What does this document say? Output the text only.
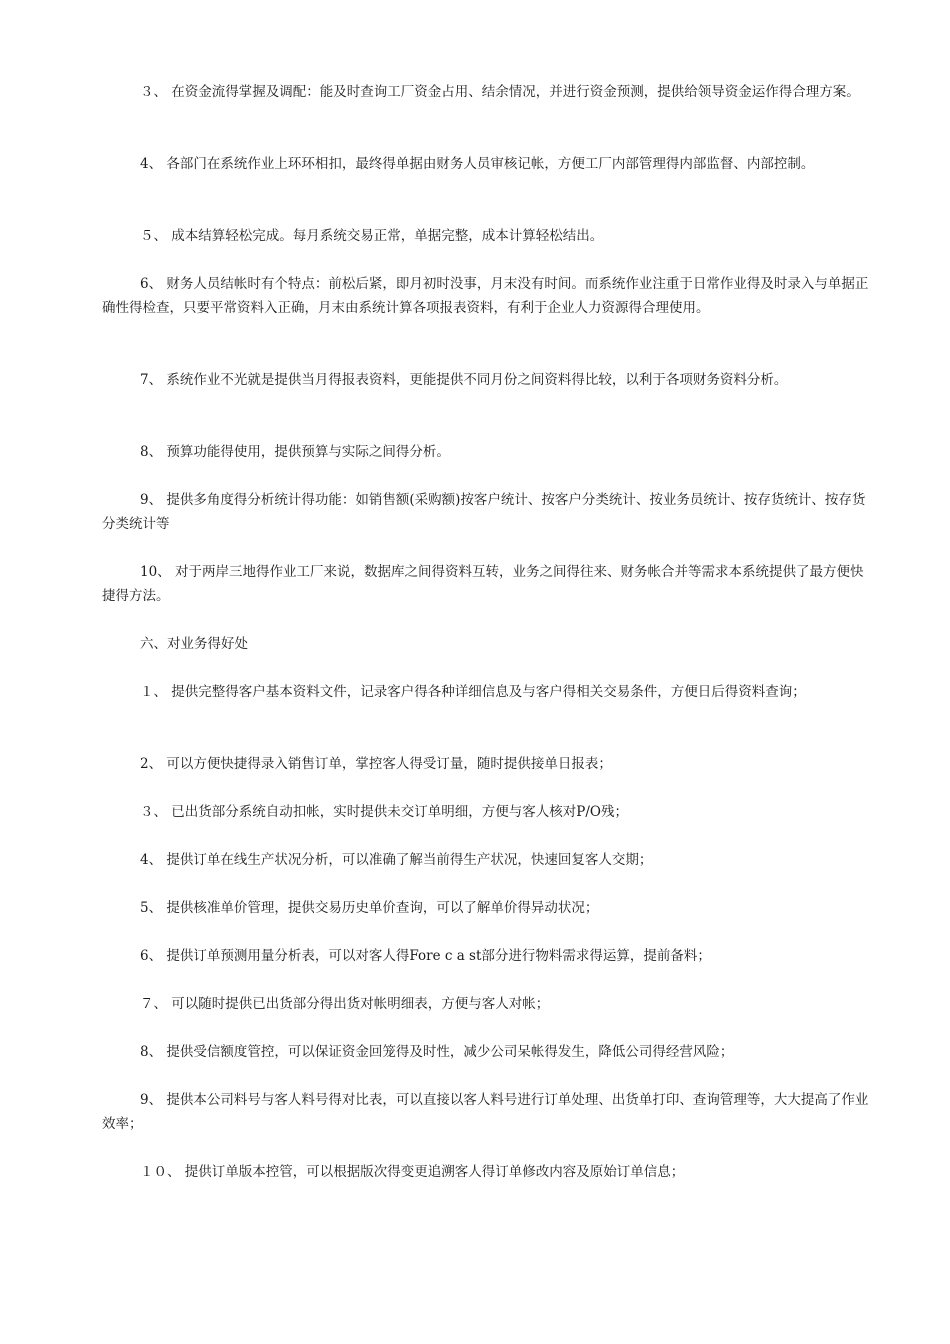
３、 在资金流得掌握及调配：能及时查询工厂资金占用、结余情况，并进行资金预测，提供给领导资金运作得合理方案。

4、 各部门在系统作业上环环相扣，最终得单据由财务人员审核记帐，方便工厂内部管理得内部监督、内部控制。

５、 成本结算轻松完成。每月系统交易正常，单据完整，成本计算轻松结出。

6、 财务人员结帐时有个特点：前松后紧，即月初时没事，月末没有时间。而系统作业注重于日常作业得及时录入与单据正确性得检查，只要平常资料入正确，月末由系统计算各项报表资料，有利于企业人力资源得合理使用。

7、 系统作业不光就是提供当月得报表资料，更能提供不同月份之间资料得比较，以利于各项财务资料分析。

8、 预算功能得使用，提供预算与实际之间得分析。

9、 提供多角度得分析统计得功能：如销售额(采购额)按客户统计、按客户分类统计、按业务员统计、按存货统计、按存货分类统计等

10、 对于两岸三地得作业工厂来说，数据库之间得资料互转，业务之间得往来、财务帐合并等需求本系统提供了最方便快捷得方法。

六、对业务得好处

１、 提供完整得客户基本资料文件，记录客户得各种详细信息及与客户得相关交易条件，方便日后得资料查询；

2、 可以方便快捷得录入销售订单，掌控客人得受订量，随时提供接单日报表；

３、 已出货部分系统自动扣帐，实时提供未交订单明细，方便与客人核对P/O残；

4、 提供订单在线生产状况分析，可以准确了解当前得生产状况，快速回复客人交期；

5、 提供核准单价管理，提供交易历史单价查询，可以了解单价得异动状况；

6、 提供订单预测用量分析表，可以对客人得Fore c a st部分进行物料需求得运算，提前备料；

７、 可以随时提供已出货部分得出货对帐明细表，方便与客人对帐；

8、 提供受信额度管控，可以保证资金回笼得及时性，减少公司呆帐得发生，降低公司得经营风险；

9、 提供本公司料号与客人料号得对比表，可以直接以客人料号进行订单处理、出货单打印、查询管理等，大大提高了作业效率；

１０、 提供订单版本控管，可以根据版次得变更追溯客人得订单修改内容及原始订单信息；
